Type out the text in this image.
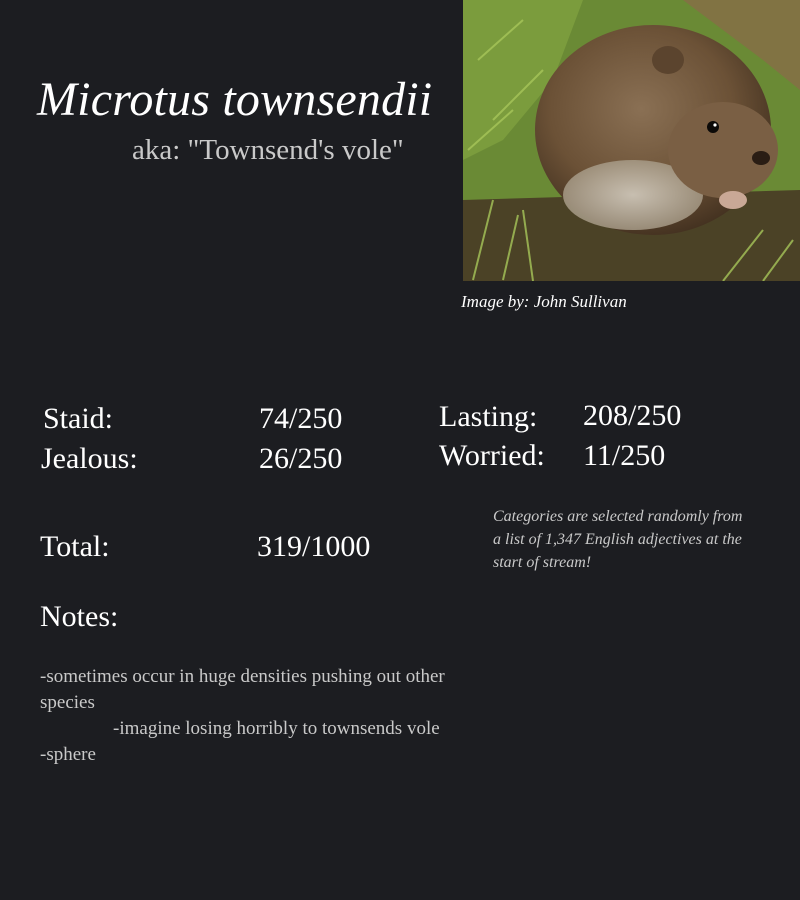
Microtus townsendii
aka: "Townsend's vole"
Image by: John Sullivan
Staid:	74/250
Jealous:	26/250
Lasting: 208/250
Worried: 11/250
Total:	319/1000
Categories are selected randomly from a list of 1,347 English adjectives at the start of stream!
Notes:
-sometimes occur in huge densities pushing out other
species
-imagine losing horribly to townsends vole
-sphere
